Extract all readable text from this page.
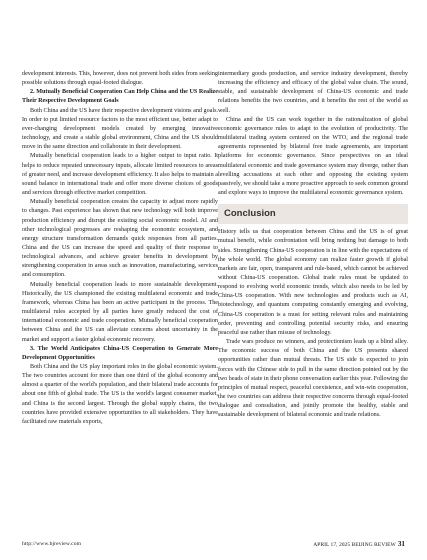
development interests. This, however, does not prevent both sides from seeking possible solutions through equal-footed dialogue.

2. Mutually Beneficial Cooperation Can Help China and the US Realize Their Respective Development Goals

Both China and the US have their respective development visions and goals. In order to put limited resource factors to the most efficient use, better adapt to ever-changing development models created by emerging innovative technology, and create a stable global environment, China and the US should move in the same direction and collaborate in their development.

Mutually beneficial cooperation leads to a higher output to input ratio. It helps to reduce repeated unnecessary inputs, allocate limited resources to areas of greater need, and increase development efficiency. It also helps to maintain a sound balance in international trade and offer more diverse choices of goods and services through effective market competition.

Mutually beneficial cooperation creates the capacity to adjust more rapidly to changes. Past experience has shown that new technology will both improve production efficiency and disrupt the existing social economic model. AI and other technological progresses are reshaping the economic ecosystem, and energy structure transformation demands quick responses from all parties. China and the US can increase the speed and quality of their response to technological advances, and achieve greater benefits in development by strengthening cooperation in areas such as innovation, manufacturing, services and consumption.

Mutually beneficial cooperation leads to more sustainable development. Historically, the US championed the existing multilateral economic and trade framework, whereas China has been an active participant in the process. The multilateral rules accepted by all parties have greatly reduced the cost of international economic and trade cooperation. Mutually beneficial cooperation between China and the US can alleviate concerns about uncertainty in the market and support a faster global economic recovery.

3. The World Anticipates China-US Cooperation to Generate More Development Opportunities

Both China and the US play important roles in the global economic system. The two countries account for more than one third of the global economy and almost a quarter of the world's population, and their bilateral trade accounts for about one fifth of global trade. The US is the world's largest consumer market, and China is the second largest. Through the global supply chains, the two countries have provided extensive opportunities to all stakeholders. They have facilitated raw materials exports,

intermediary goods production, and service industry development, thereby increasing the efficiency and efficacy of the global value chain. The sound, stable, and sustainable development of China-US economic and trade relations benefits the two countries, and it benefits the rest of the world as well.

China and the US can work together in the rationalization of global economic governance rules to adapt to the evolution of productivity. The multilateral trading system centered on the WTO, and the regional trade agreements represented by bilateral free trade agreements, are important platforms for economic governance. Since perspectives on an ideal multilateral economic and trade governance system may diverge, rather than levelling accusations at each other and opposing the existing system passively, we should take a more proactive approach to seek common ground and explore ways to improve the multilateral economic governance system.

Conclusion

History tells us that cooperation between China and the US is of great mutual benefit, while confrontation will bring nothing but damage to both sides. Strengthening China-US cooperation is in line with the expectations of the whole world. The global economy can realize faster growth if global markets are fair, open, transparent and rule-based, which cannot be achieved without China-US cooperation. Global trade rules must be updated to respond to evolving world economic trends, which also needs to be led by China-US cooperation. With new technologies and products such as AI, biotechnology, and quantum computing constantly emerging and evolving, China-US cooperation is a must for setting relevant rules and maintaining order, preventing and controlling potential security risks, and ensuring peaceful use rather than misuse of technology.

Trade wars produce no winners, and protectionism leads up a blind alley. The economic success of both China and the US presents shared opportunities rather than mutual threats. The US side is expected to join forces with the Chinese side to pull in the same direction pointed out by the two heads of state in their phone conversation earlier this year. Following the principles of mutual respect, peaceful coexistence, and win-win cooperation, the two countries can address their respective concerns through equal-footed dialogue and consultation, and jointly promote the healthy, stable and sustainable development of bilateral economic and trade relations.

http://www.bjreview.com	APRIL 17, 2025 BEIJING REVIEW 31
